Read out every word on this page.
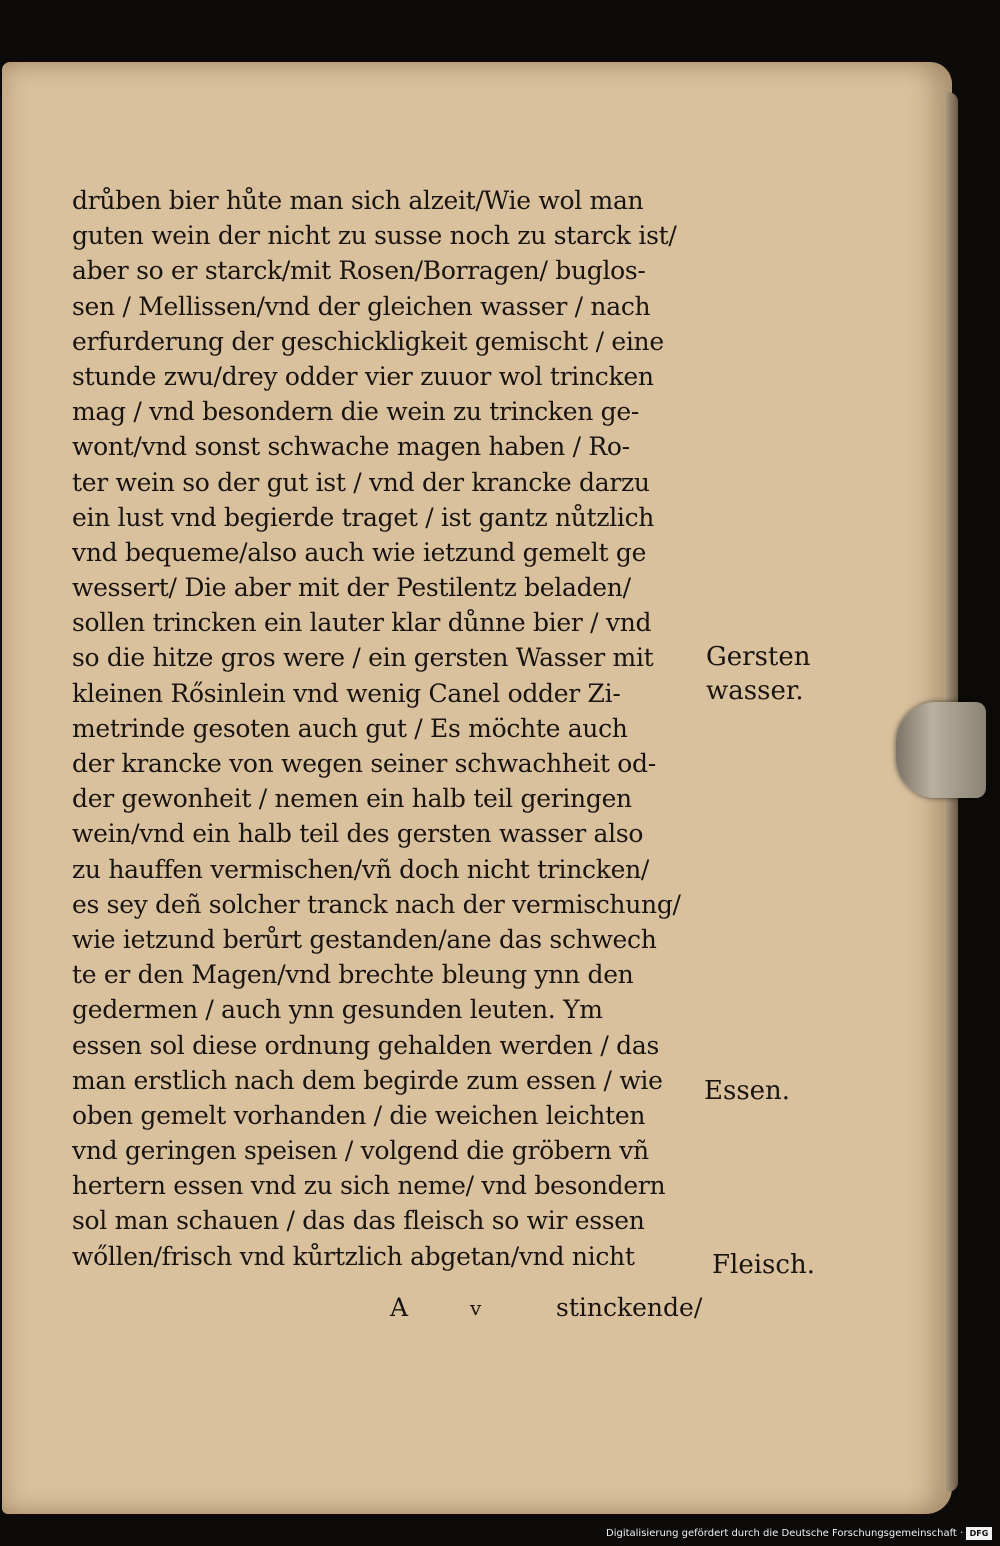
drůben bier hůte man sich alzeit/Wie wol man
guten wein der nicht zu susse noch zu starck ist/
aber so er starck/mit Rosen/Borragen/ buglos-
sen / Mellissen/vnd der gleichen wasser / nach
erfurderung der geschickligkeit gemischt / eine
stunde zwu/drey odder vier zuuor wol trincken
mag / vnd besondern die wein zu trincken ge-
wont/vnd sonst schwache magen haben / Ro-
ter wein so der gut ist / vnd der krancke darzu
ein lust vnd begierde traget / ist gantz nůtzlich
vnd bequeme/also auch wie ietzund gemelt ge
wessert/ Die aber mit der Pestilentz beladen/
sollen trincken ein lauter klar důnne bier / vnd
so die hitze gros were / ein gersten Wasser mit
kleinen Rősinlein vnd wenig Canel odder Zi-
metrinde gesoten auch gut / Es möchte auch
der krancke von wegen seiner schwachheit od-
der gewonheit / nemen ein halb teil geringen
wein/vnd ein halb teil des gersten wasser also
zu hauffen vermischen/vñ doch nicht trincken/
es sey deñ solcher tranck nach der vermischung/
wie ietzund berůrt gestanden/ane das schwech
te er den Magen/vnd brechte bleung ynn den
gedermen / auch ynn gesunden leuten. Ym
essen sol diese ordnung gehalden werden / das
man erstlich nach dem begirde zum essen / wie
oben gemelt vorhanden / die weichen leichten
vnd geringen speisen / volgend die gröbern vñ
hertern essen vnd zu sich neme/ vnd besondern
sol man schauen / das das fleisch so wir essen
wőllen/frisch vnd kůrtzlich abgetan/vnd nicht
A	v	stinckende/
Gersten
wasser.
Essen.
Fleisch.
Digitalisierung gefördert durch die Deutsche Forschungsgemeinschaft · DFG
